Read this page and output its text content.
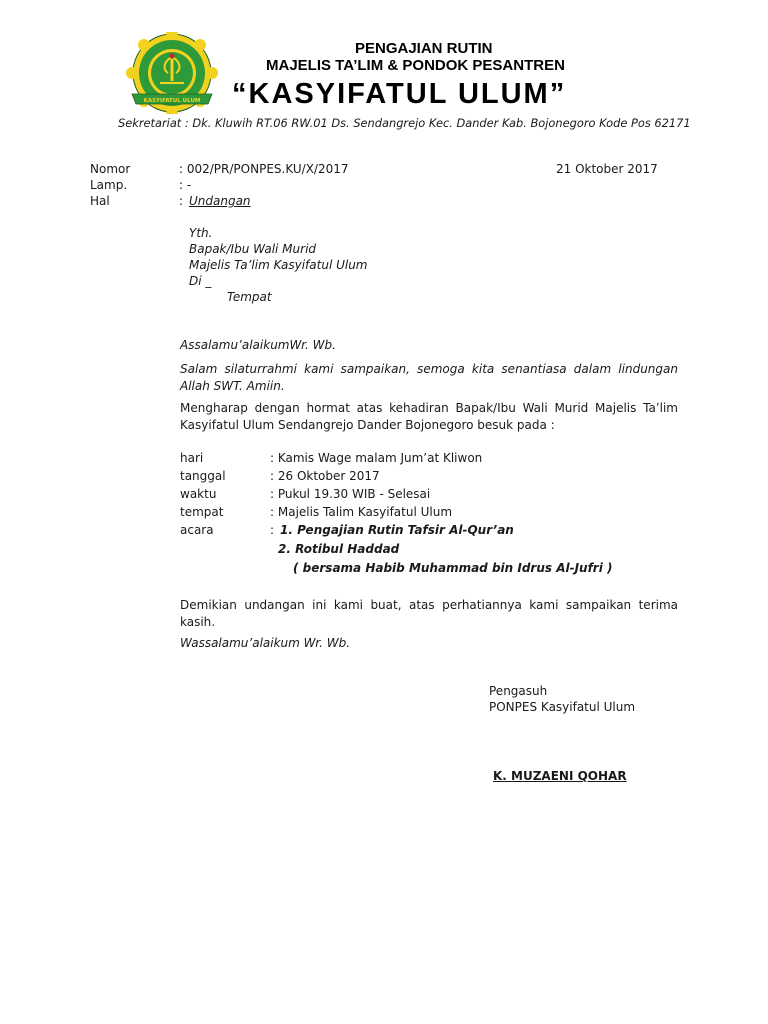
KASYIFATUL ULUM
PENGAJIAN RUTIN
MAJELIS TA’LIM & PONDOK PESANTREN
“KASYIFATUL ULUM”
Sekretariat : Dk. Kluwih RT.06 RW.01 Ds. Sendangrejo Kec. Dander Kab. Bojonegoro Kode Pos 62171
Nomor	: 002/PR/PONPES.KU/X/2017	21 Oktober 2017
Lamp.	: -
Hal	: Undangan
Yth.
Bapak/Ibu Wali Murid
Majelis Ta’lim Kasyifatul Ulum
Di _
Tempat
Assalamu’alaikumWr. Wb.
Salam silaturrahmi kami sampaikan, semoga kita senantiasa dalam lindungan Allah SWT. Amiin.
Mengharap dengan hormat atas kehadiran Bapak/Ibu Wali Murid Majelis Ta’lim Kasyifatul Ulum Sendangrejo Dander Bojonegoro besuk pada :
hari	: Kamis Wage malam Jum’at Kliwon
tanggal	: 26 Oktober 2017
waktu	: Pukul 19.30 WIB - Selesai
tempat	: Majelis Talim Kasyifatul Ulum
acara	: 1. Pengajian Rutin Tafsir Al-Qur’an
2. Rotibul Haddad
( bersama Habib Muhammad bin Idrus Al-Jufri )
Demikian undangan ini kami buat, atas perhatiannya kami sampaikan terima kasih.
Wassalamu’alaikum Wr. Wb.
Pengasuh
PONPES Kasyifatul Ulum
K. MUZAENI QOHAR
